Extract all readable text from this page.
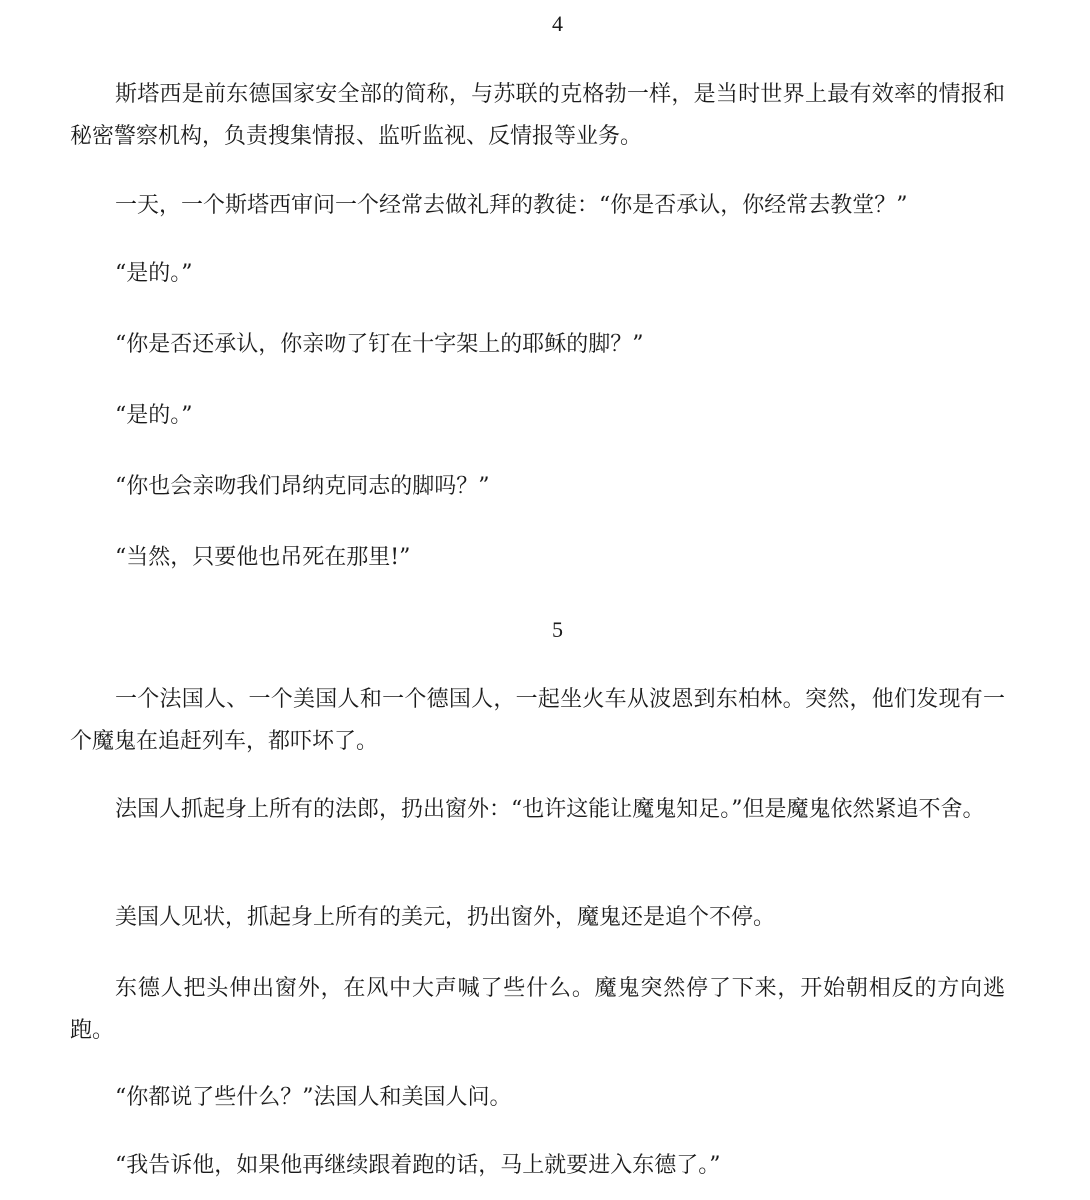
4

斯塔西是前东德国家安全部的简称，与苏联的克格勃一样，是当时世界上最有效率的情报和秘密警察机构，负责搜集情报、监听监视、反情报等业务。

一天，一个斯塔西审问一个经常去做礼拜的教徒：“你是否承认，你经常去教堂？”

“是的。”

“你是否还承认，你亲吻了钉在十字架上的耶稣的脚？”

“是的。”

“你也会亲吻我们昂纳克同志的脚吗？”

“当然，只要他也吊死在那里!”

5

一个法国人、一个美国人和一个德国人，一起坐火车从波恩到东柏林。突然，他们发现有一个魔鬼在追赶列车，都吓坏了。

法国人抓起身上所有的法郎，扔出窗外：“也许这能让魔鬼知足。”但是魔鬼依然紧追不舍。

美国人见状，抓起身上所有的美元，扔出窗外，魔鬼还是追个不停。

东德人把头伸出窗外，在风中大声喊了些什么。魔鬼突然停了下来，开始朝相反的方向逃跑。

“你都说了些什么？”法国人和美国人问。

“我告诉他，如果他再继续跟着跑的话，马上就要进入东德了。”
